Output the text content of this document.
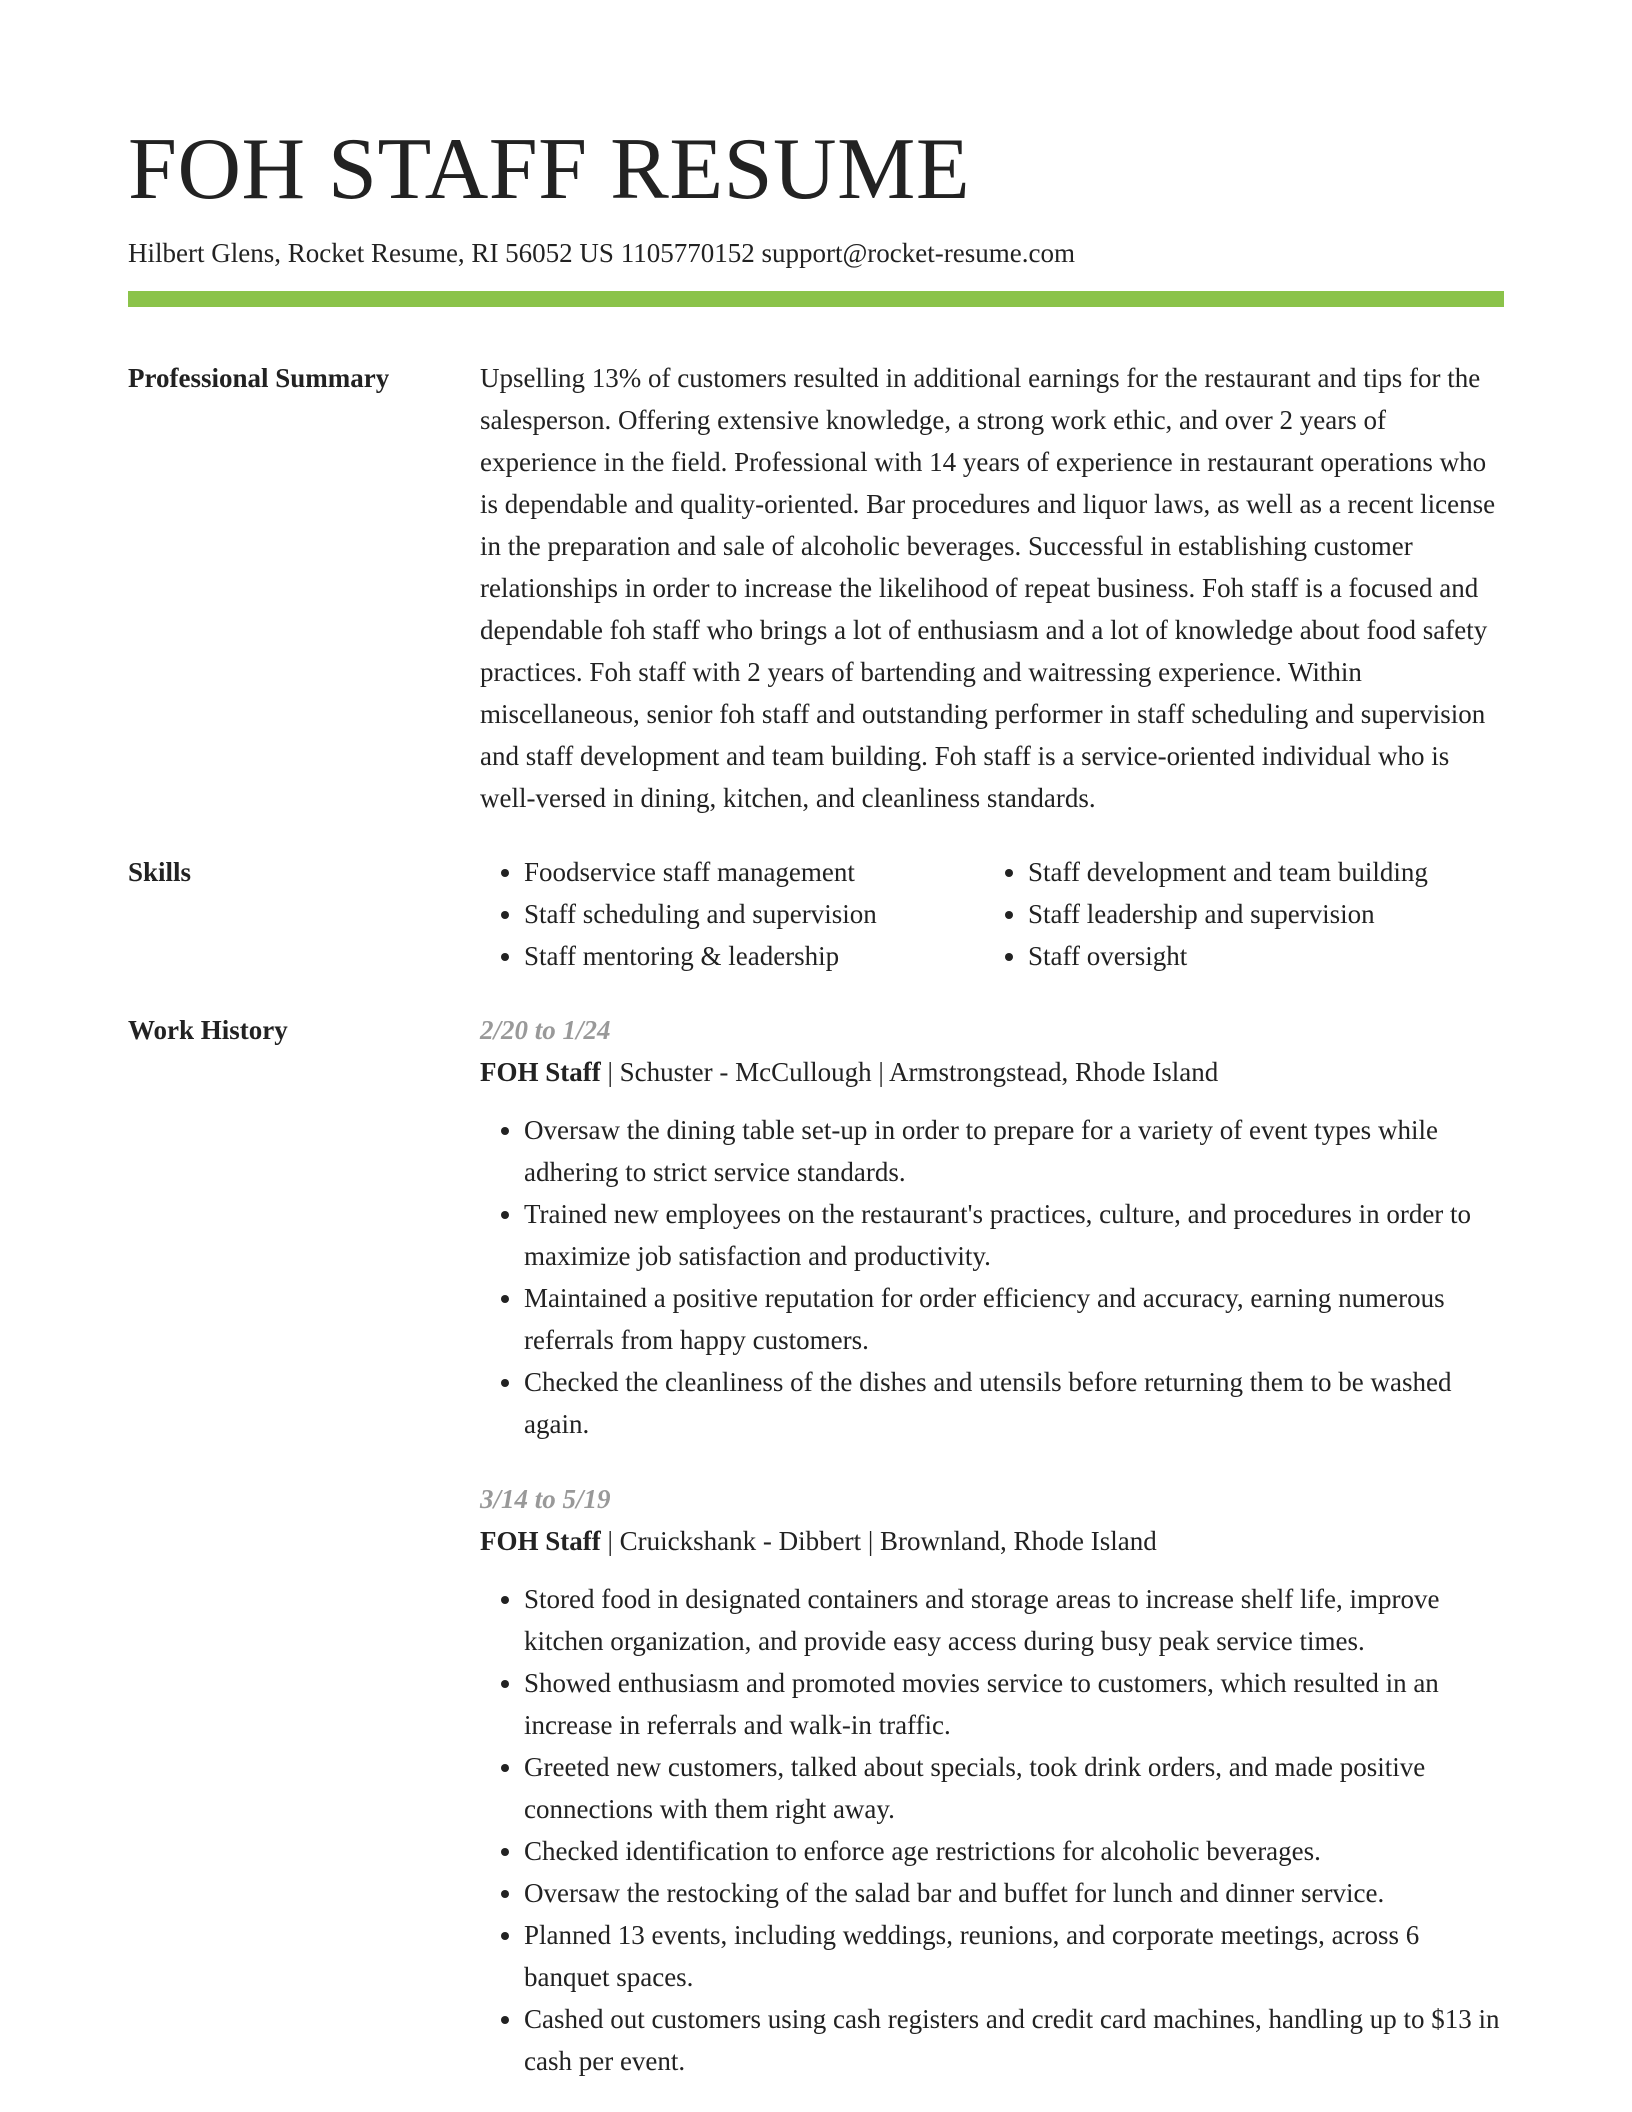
FOH STAFF RESUME
Hilbert Glens, Rocket Resume, RI 56052 US 1105770152 support@rocket-resume.com
Professional Summary	Upselling 13% of customers resulted in additional earnings for the restaurant and tips for the salesperson. Offering extensive knowledge, a strong work ethic, and over 2 years of experience in the field. Professional with 14 years of experience in restaurant operations who is dependable and quality-oriented. Bar procedures and liquor laws, as well as a recent license in the preparation and sale of alcoholic beverages. Successful in establishing customer relationships in order to increase the likelihood of repeat business. Foh staff is a focused and dependable foh staff who brings a lot of enthusiasm and a lot of knowledge about food safety practices. Foh staff with 2 years of bartending and waitressing experience. Within miscellaneous, senior foh staff and outstanding performer in staff scheduling and supervision and staff development and team building. Foh staff is a service-oriented individual who is well-versed in dining, kitchen, and cleanliness standards.

Skills
•	Foodservice staff management
• Staff scheduling and supervision
• Staff mentoring & leadership
• Staff development and team building
• Staff leadership and supervision
• Staff oversight
Work History	2/20 to 1/24
FOH Staff | Schuster - McCullough | Armstrongstead, Rhode Island
• Oversaw the dining table set-up in order to prepare for a variety of event types while adhering to strict service standards.
• Trained new employees on the restaurant's practices, culture, and procedures in order to maximize job satisfaction and productivity.
• Maintained a positive reputation for order efficiency and accuracy, earning numerous referrals from happy customers.
• Checked the cleanliness of the dishes and utensils before returning them to be washed again.
3/14 to 5/19
FOH Staff | Cruickshank - Dibbert | Brownland, Rhode Island
• Stored food in designated containers and storage areas to increase shelf life, improve kitchen organization, and provide easy access during busy peak service times.
• Showed enthusiasm and promoted movies service to customers, which resulted in an increase in referrals and walk-in traffic.
• Greeted new customers, talked about specials, took drink orders, and made positive connections with them right away.
• Checked identification to enforce age restrictions for alcoholic beverages.
• Oversaw the restocking of the salad bar and buffet for lunch and dinner service.
• Planned 13 events, including weddings, reunions, and corporate meetings, across 6 banquet spaces.
• Cashed out customers using cash registers and credit card machines, handling up to $13 in cash per event.
